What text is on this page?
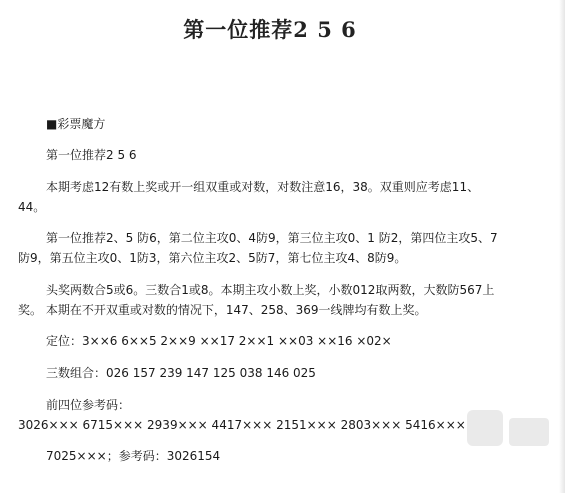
第一位推荐2 5 6
■彩票魔方
第一位推荐2 5 6
本期考虑12有数上奖或开一组双重或对数，对数注意16，38。双重则应考虑11、
44。
第一位推荐2、5 防6，第二位主攻0、4防9，第三位主攻0、1 防2，第四位主攻5、7
防9，第五位主攻0、1防3，第六位主攻2、5防7，第七位主攻4、8防9。
头奖两数合5或6。三数合1或8。本期主攻小数上奖，小数012取两数，大数防567上
奖。 本期在不开双重或对数的情况下，147、258、369一线牌均有数上奖。
定位：3××6 6××5 2××9 ××17 2××1 ××03 ××16 ×02×
三数组合：026 157 239 147 125 038 146 025
前四位参考码：
3026××× 6715××× 2939××× 4417××× 2151××× 2803××× 5416×××
7025×××；参考码：3026154
